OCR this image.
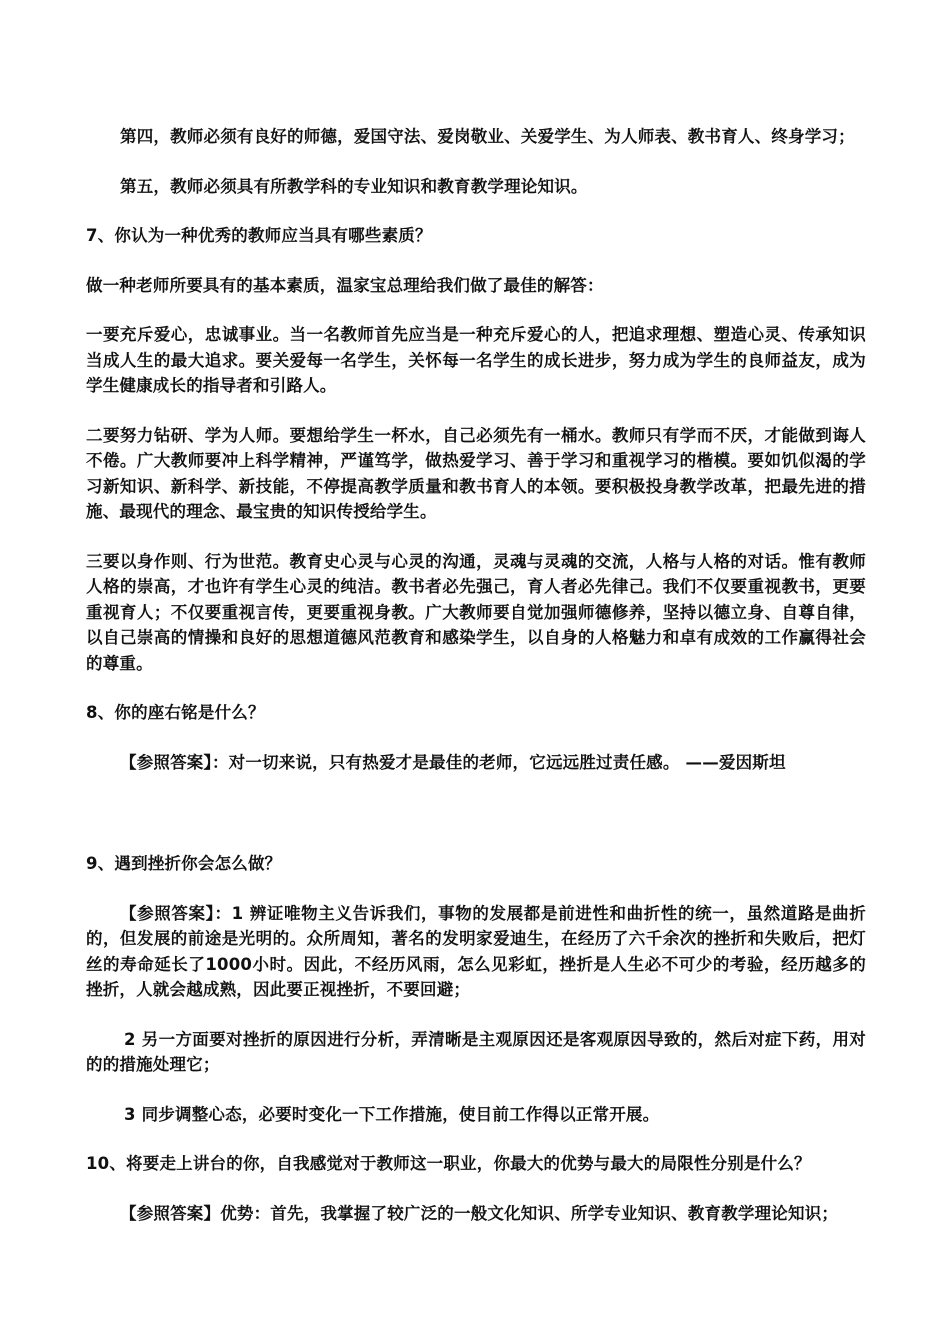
第四，教师必须有良好的师德，爱国守法、爱岗敬业、关爱学生、为人师表、教书育人、终身学习；

第五，教师必须具有所教学科的专业知识和教育教学理论知识。

7、你认为一种优秀的教师应当具有哪些素质？

做一种老师所要具有的基本素质，温家宝总理给我们做了最佳的解答：

一要充斥爱心，忠诚事业。当一名教师首先应当是一种充斥爱心的人，把追求理想、塑造心灵、传承知识当成人生的最大追求。要关爱每一名学生，关怀每一名学生的成长进步，努力成为学生的良师益友，成为学生健康成长的指导者和引路人。

二要努力钻研、学为人师。要想给学生一杯水，自己必须先有一桶水。教师只有学而不厌，才能做到诲人不倦。广大教师要冲上科学精神，严谨笃学，做热爱学习、善于学习和重视学习的楷模。要如饥似渴的学习新知识、新科学、新技能，不停提高教学质量和教书育人的本领。要积极投身教学改革，把最先进的措施、最现代的理念、最宝贵的知识传授给学生。

三要以身作则、行为世范。教育史心灵与心灵的沟通，灵魂与灵魂的交流，人格与人格的对话。惟有教师人格的崇高，才也许有学生心灵的纯洁。教书者必先强己，育人者必先律己。我们不仅要重视教书，更要重视育人；不仅要重视言传，更要重视身教。广大教师要自觉加强师德修养，坚持以德立身、自尊自律，以自己崇高的情操和良好的思想道德风范教育和感染学生，以自身的人格魅力和卓有成效的工作赢得社会的尊重。

8、你的座右铭是什么？

【参照答案】：对一切来说，只有热爱才是最佳的老师，它远远胜过责任感。 ——爱因斯坦

9、遇到挫折你会怎么做？

【参照答案】：1 辨证唯物主义告诉我们，事物的发展都是前进性和曲折性的统一，虽然道路是曲折的，但发展的前途是光明的。众所周知，著名的发明家爱迪生，在经历了六千余次的挫折和失败后，把灯丝的寿命延长了1000小时。因此，不经历风雨，怎么见彩虹，挫折是人生必不可少的考验，经历越多的挫折，人就会越成熟，因此要正视挫折，不要回避；

2 另一方面要对挫折的原因进行分析，弄清晰是主观原因还是客观原因导致的，然后对症下药，用对的的措施处理它；

3 同步调整心态，必要时变化一下工作措施，使目前工作得以正常开展。

10、将要走上讲台的你，自我感觉对于教师这一职业，你最大的优势与最大的局限性分别是什么？

【参照答案】优势：首先，我掌握了较广泛的一般文化知识、所学专业知识、教育教学理论知识；
